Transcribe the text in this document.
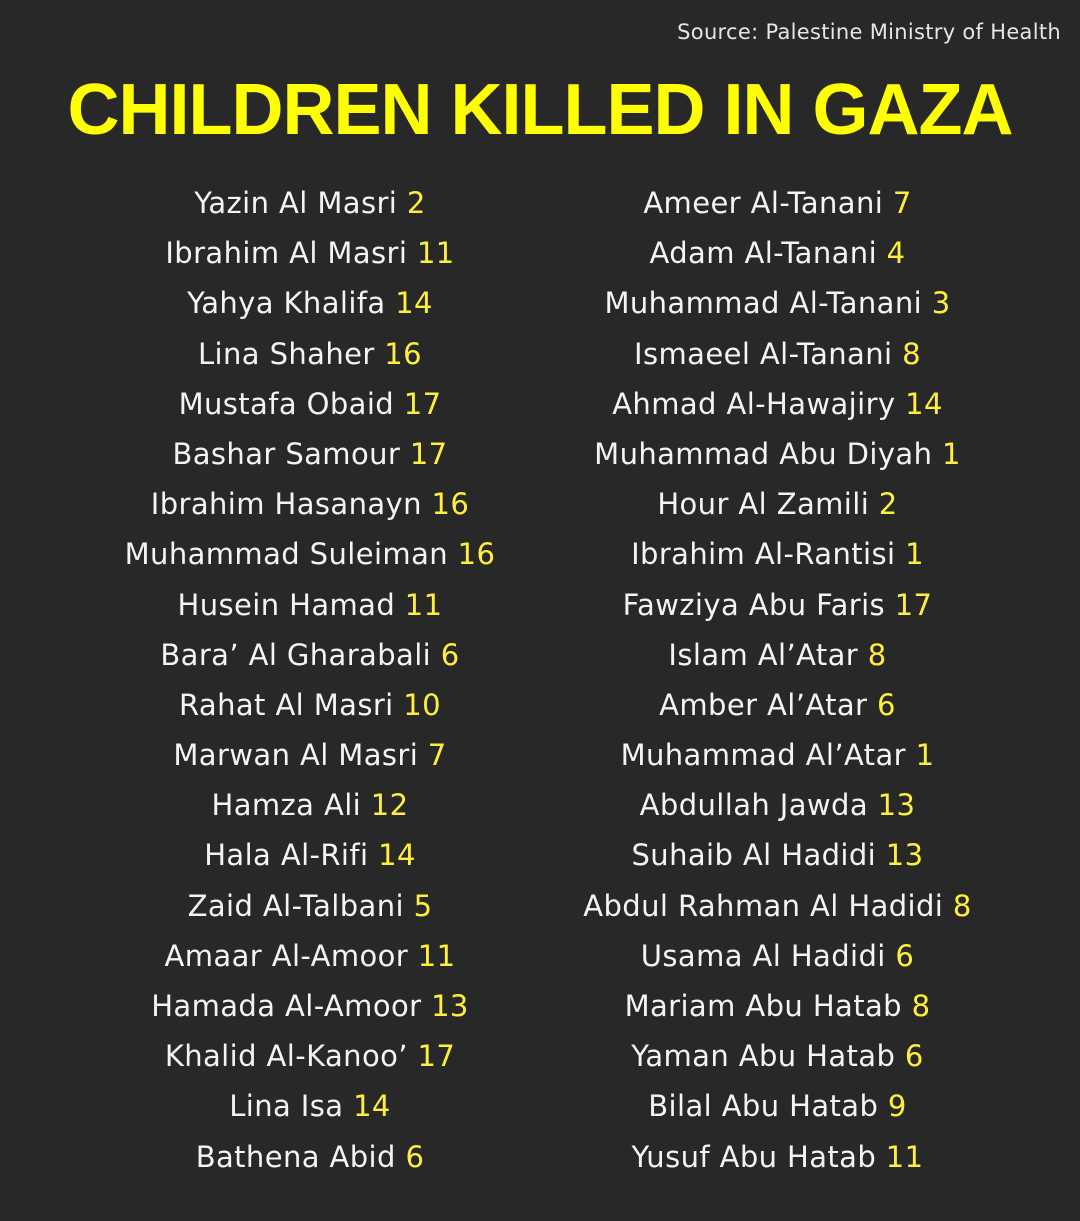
Source: Palestine Ministry of Health
CHILDREN KILLED IN GAZA
Yazin Al Masri 2
Ibrahim Al Masri 11
Yahya Khalifa 14
Lina Shaher 16
Mustafa Obaid 17
Bashar Samour 17
Ibrahim Hasanayn 16
Muhammad Suleiman 16
Husein Hamad 11
Bara’ Al Gharabali 6
Rahat Al Masri 10
Marwan Al Masri 7
Hamza Ali 12
Hala Al-Rifi 14
Zaid Al-Talbani 5
Amaar Al-Amoor 11
Hamada Al-Amoor 13
Khalid Al-Kanoo’ 17
Lina Isa 14
Bathena Abid 6
Ameer Al-Tanani 7
Adam Al-Tanani 4
Muhammad Al-Tanani 3
Ismaeel Al-Tanani 8
Ahmad Al-Hawajiry 14
Muhammad Abu Diyah 1
Hour Al Zamili 2
Ibrahim Al-Rantisi 1
Fawziya Abu Faris 17
Islam Al’Atar 8
Amber Al’Atar 6
Muhammad Al’Atar 1
Abdullah Jawda 13
Suhaib Al Hadidi 13
Abdul Rahman Al Hadidi 8
Usama Al Hadidi 6
Mariam Abu Hatab 8
Yaman Abu Hatab 6
Bilal Abu Hatab 9
Yusuf Abu Hatab 11
